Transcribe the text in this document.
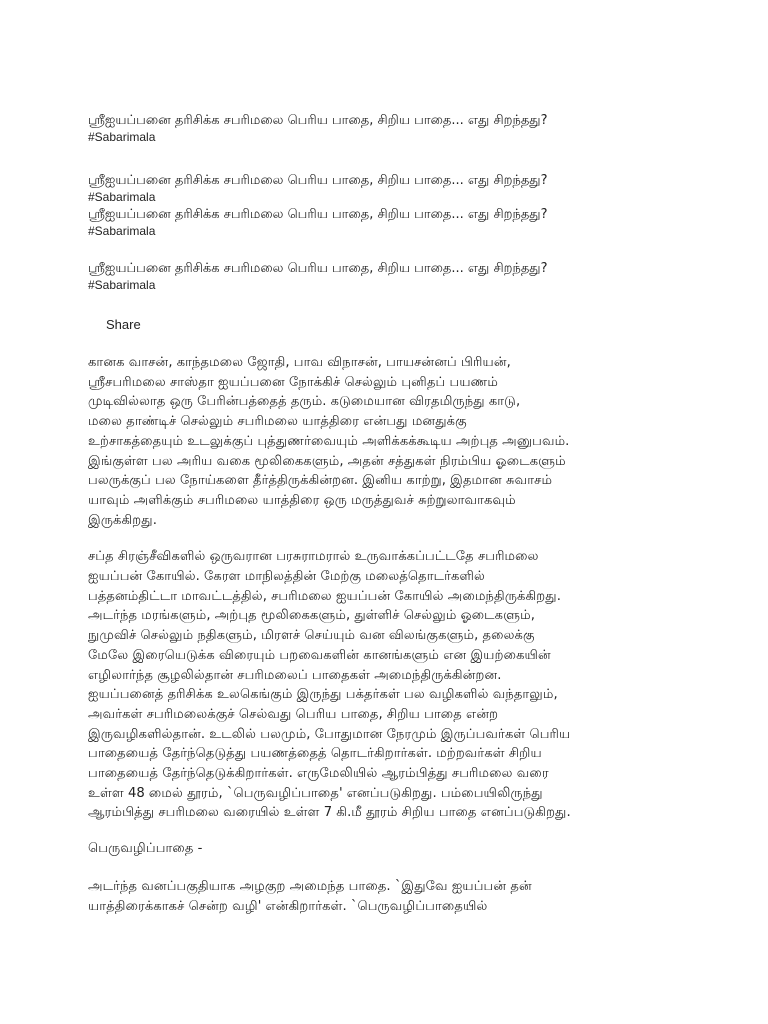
ஸ்ரீஐயப்பனை தரிசிக்க சபரிமலை பெரிய பாதை, சிறிய பாதை... எது சிறந்தது?

#Sabarimala

ஸ்ரீஐயப்பனை தரிசிக்க சபரிமலை பெரிய பாதை, சிறிய பாதை... எது சிறந்தது?

#Sabarimala

ஸ்ரீஐயப்பனை தரிசிக்க சபரிமலை பெரிய பாதை, சிறிய பாதை... எது சிறந்தது?

#Sabarimala

ஸ்ரீஐயப்பனை தரிசிக்க சபரிமலை பெரிய பாதை, சிறிய பாதை... எது சிறந்தது?

#Sabarimala

Share

கானக வாசன், காந்தமலை ஜோதி, பாவ விநாசன், பாயசன்னப் பிரியன்,
ஸ்ரீசபரிமலை சாஸ்தா ஐயப்பனை நோக்கிச் செல்லும் புனிதப் பயணம்
முடிவில்லாத ஒரு பேரின்பத்தைத் தரும். கடுமையான விரதமிருந்து காடு,
மலை தாண்டிச் செல்லும் சபரிமலை யாத்திரை என்பது மனதுக்கு
உற்சாகத்தையும் உடலுக்குப் புத்துணர்வையும் அளிக்கக்கூடிய அற்புத அனுபவம்.
இங்குள்ள பல அரிய வகை மூலிகைகளும், அதன் சத்துகள் நிரம்பிய ஓடைகளும்
பலருக்குப் பல நோய்களை தீர்த்திருக்கின்றன. இனிய காற்று, இதமான சுவாசம்
யாவும் அளிக்கும் சபரிமலை யாத்திரை ஒரு மருத்துவச் சுற்றுலாவாகவும்
இருக்கிறது.
சப்த சிரஞ்சீவிகளில் ஒருவரான பரசுராமரால் உருவாக்கப்பட்டதே சபரிமலை
ஐயப்பன் கோயில். கேரள மாநிலத்தின் மேற்கு மலைத்தொடர்களில்
பத்தனம்திட்டா மாவட்டத்தில், சபரிமலை ஐயப்பன் கோயில் அமைந்திருக்கிறது.
அடர்ந்த மரங்களும், அற்புத மூலிகைகளும், துள்ளிச் செல்லும் ஓடைகளும்,
நுமுவிச் செல்லும் நதிகளும், மிரளச் செய்யும் வன விலங்குகளும், தலைக்கு
மேலே இரையெடுக்க விரையும் பறவைகளின் கானங்களும் என இயற்கையின்
எழிலார்ந்த சூழலில்தான் சபரிமலைப் பாதைகள் அமைந்திருக்கின்றன.
ஐயப்பனைத் தரிசிக்க உலகெங்கும் இருந்து பக்தர்கள் பல வழிகளில் வந்தாலும்,
அவர்கள் சபரிமலைக்குச் செல்வது பெரிய பாதை, சிறிய பாதை என்ற
இருவழிகளில்தான். உடலில் பலமும், போதுமான நேரமும் இருப்பவர்கள் பெரிய
பாதையைத் தேர்ந்தெடுத்து பயணத்தைத் தொடர்கிறார்கள். மற்றவர்கள் சிறிய
பாதையைத் தேர்ந்தெடுக்கிறார்கள். எருமேலியில் ஆரம்பித்து சபரிமலை வரை
உள்ள 48 மைல் தூரம், `பெருவழிப்பாதை' எனப்படுகிறது. பம்பையிலிருந்து
ஆரம்பித்து சபரிமலை வரையில் உள்ள 7 கி.மீ தூரம் சிறிய பாதை எனப்படுகிறது.

பெருவழிப்பாதை -

அடர்ந்த வனப்பகுதியாக அழகுற அமைந்த பாதை. `இதுவே ஐயப்பன் தன்
யாத்திரைக்காகச் சென்ற வழி' என்கிறார்கள். `பெருவழிப்பாதையில்
